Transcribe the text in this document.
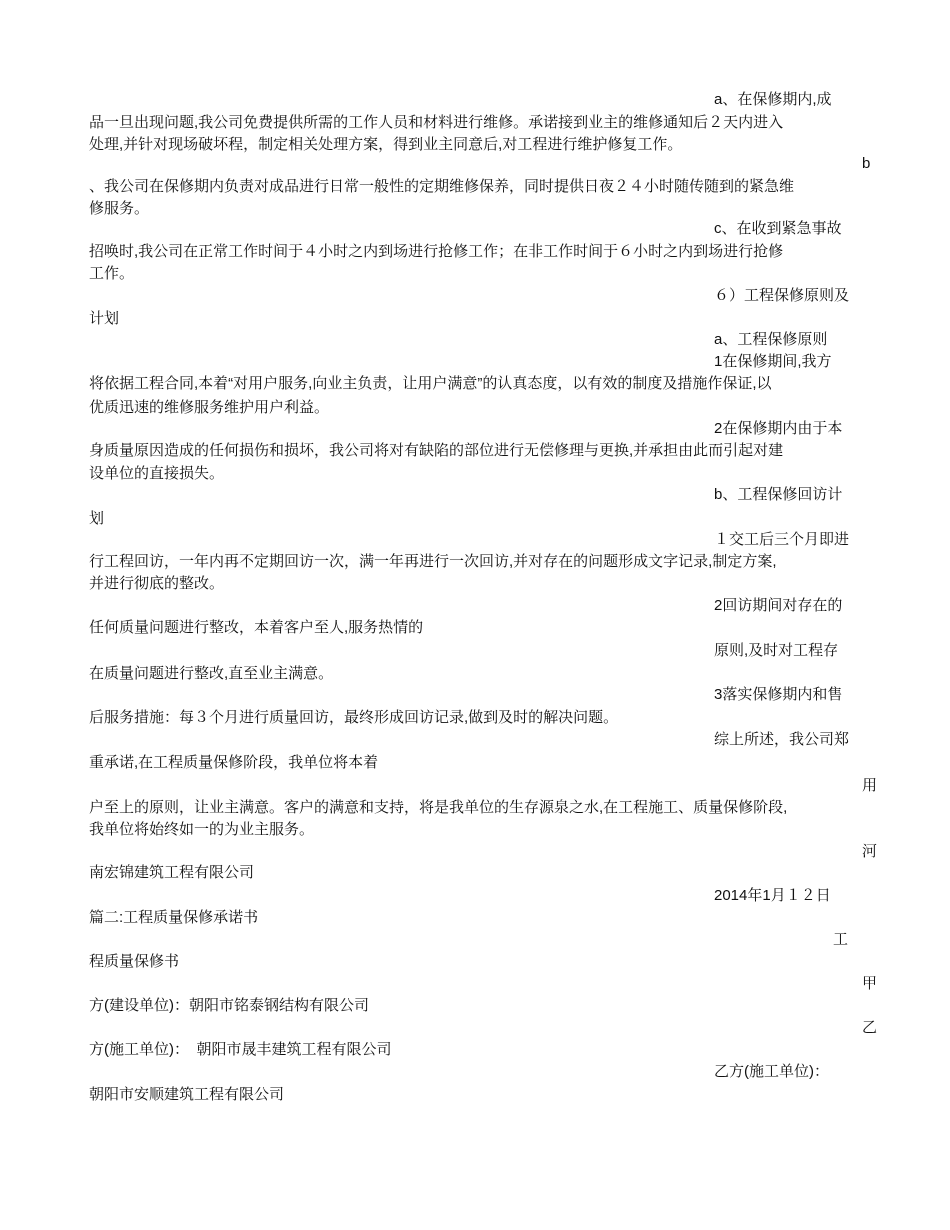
a、在保修期内,成

品一旦出现问题,我公司免费提供所需的工作人员和材料进行维修。承诺接到业主的维修通知后２天内进入

处理,并针对现场破坏程，制定相关处理方案，得到业主同意后,对工程进行维护修复工作。

b

、我公司在保修期内负责对成品进行日常一般性的定期维修保养，同时提供日夜２４小时随传随到的紧急维

修服务。

c、在收到紧急事故

招唤时,我公司在正常工作时间于４小时之内到场进行抢修工作；在非工作时间于６小时之内到场进行抢修

工作。

６）工程保修原则及

计划

a、工程保修原则

1在保修期间,我方

将依据工程合同,本着“对用户服务,向业主负责，让用户满意”的认真态度，以有效的制度及措施作保证,以

优质迅速的维修服务维护用户利益。

2在保修期内由于本

身质量原因造成的任何损伤和损坏，我公司将对有缺陷的部位进行无偿修理与更换,并承担由此而引起对建

设单位的直接损失。

b、工程保修回访计

划

１交工后三个月即进

行工程回访，一年内再不定期回访一次，满一年再进行一次回访,并对存在的问题形成文字记录,制定方案,

并进行彻底的整改。

2回访期间对存在的

任何质量问题进行整改，本着客户至人,服务热情的

原则,及时对工程存

在质量问题进行整改,直至业主满意。

3落实保修期内和售

后服务措施：每３个月进行质量回访，最终形成回访记录,做到及时的解决问题。

综上所述，我公司郑

重承诺,在工程质量保修阶段，我单位将本着

用

户至上的原则，让业主满意。客户的满意和支持，将是我单位的生存源泉之水,在工程施工、质量保修阶段,

我单位将始终如一的为业主服务。

河

南宏锦建筑工程有限公司

2014年1月１２日

篇二:工程质量保修承诺书

工

程质量保修书

甲

方(建设单位)：朝阳市铭泰钢结构有限公司

乙

方(施工单位)：　朝阳市晟丰建筑工程有限公司

乙方(施工单位)：

朝阳市安顺建筑工程有限公司
